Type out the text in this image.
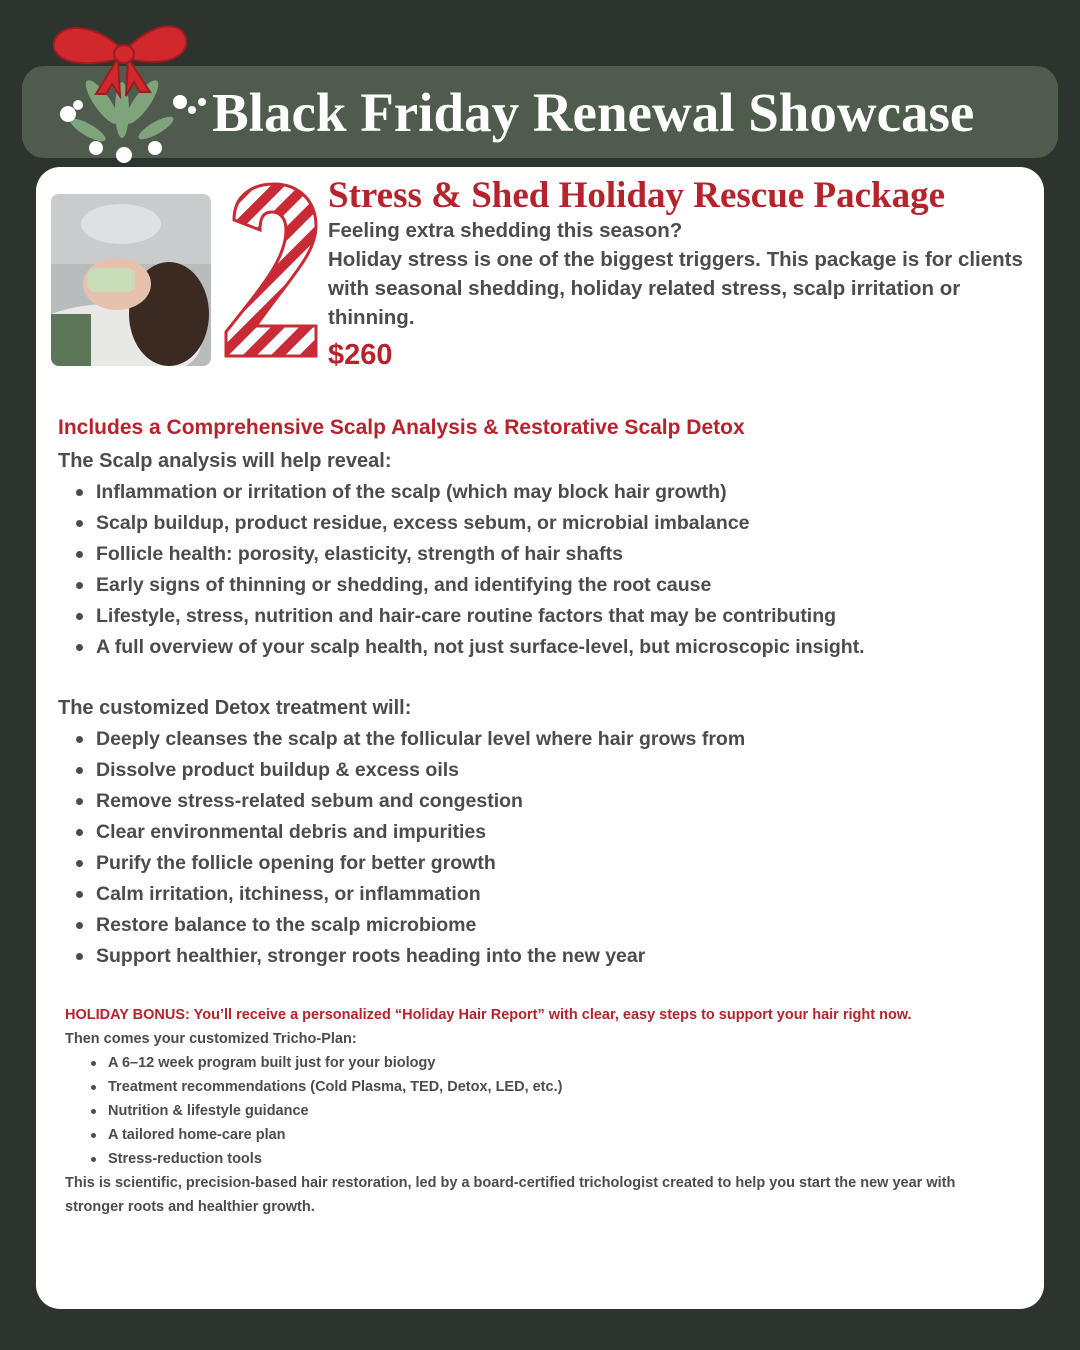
Black Friday Renewal Showcase
Stress & Shed Holiday Rescue Package
Feeling extra shedding this season?
Holiday stress is one of the biggest triggers. This package is for clients with seasonal shedding, holiday related stress, scalp irritation or thinning.
$260
Includes a Comprehensive Scalp Analysis & Restorative Scalp Detox
The Scalp analysis will help reveal:
Inflammation or irritation of the scalp (which may block hair growth)
Scalp buildup, product residue, excess sebum, or microbial imbalance
Follicle health: porosity, elasticity, strength of hair shafts
Early signs of thinning or shedding, and identifying the root cause
Lifestyle, stress, nutrition and hair-care routine factors that may be contributing
A full overview of your scalp health, not just surface-level, but microscopic insight.
The customized Detox treatment will:
Deeply cleanses the scalp at the follicular level where hair grows from
Dissolve product buildup & excess oils
Remove stress-related sebum and congestion
Clear environmental debris and impurities
Purify the follicle opening for better growth
Calm irritation, itchiness, or inflammation
Restore balance to the scalp microbiome
Support healthier, stronger roots heading into the new year
HOLIDAY BONUS: You’ll receive a personalized “Holiday Hair Report” with clear, easy steps to support your hair right now.
Then comes your customized Tricho-Plan:
A 6–12 week program built just for your biology
Treatment recommendations (Cold Plasma, TED, Detox, LED, etc.)
Nutrition & lifestyle guidance
A tailored home-care plan
Stress-reduction tools
This is scientific, precision-based hair restoration, led by a board-certified trichologist created to help you start the new year with stronger roots and healthier growth.
